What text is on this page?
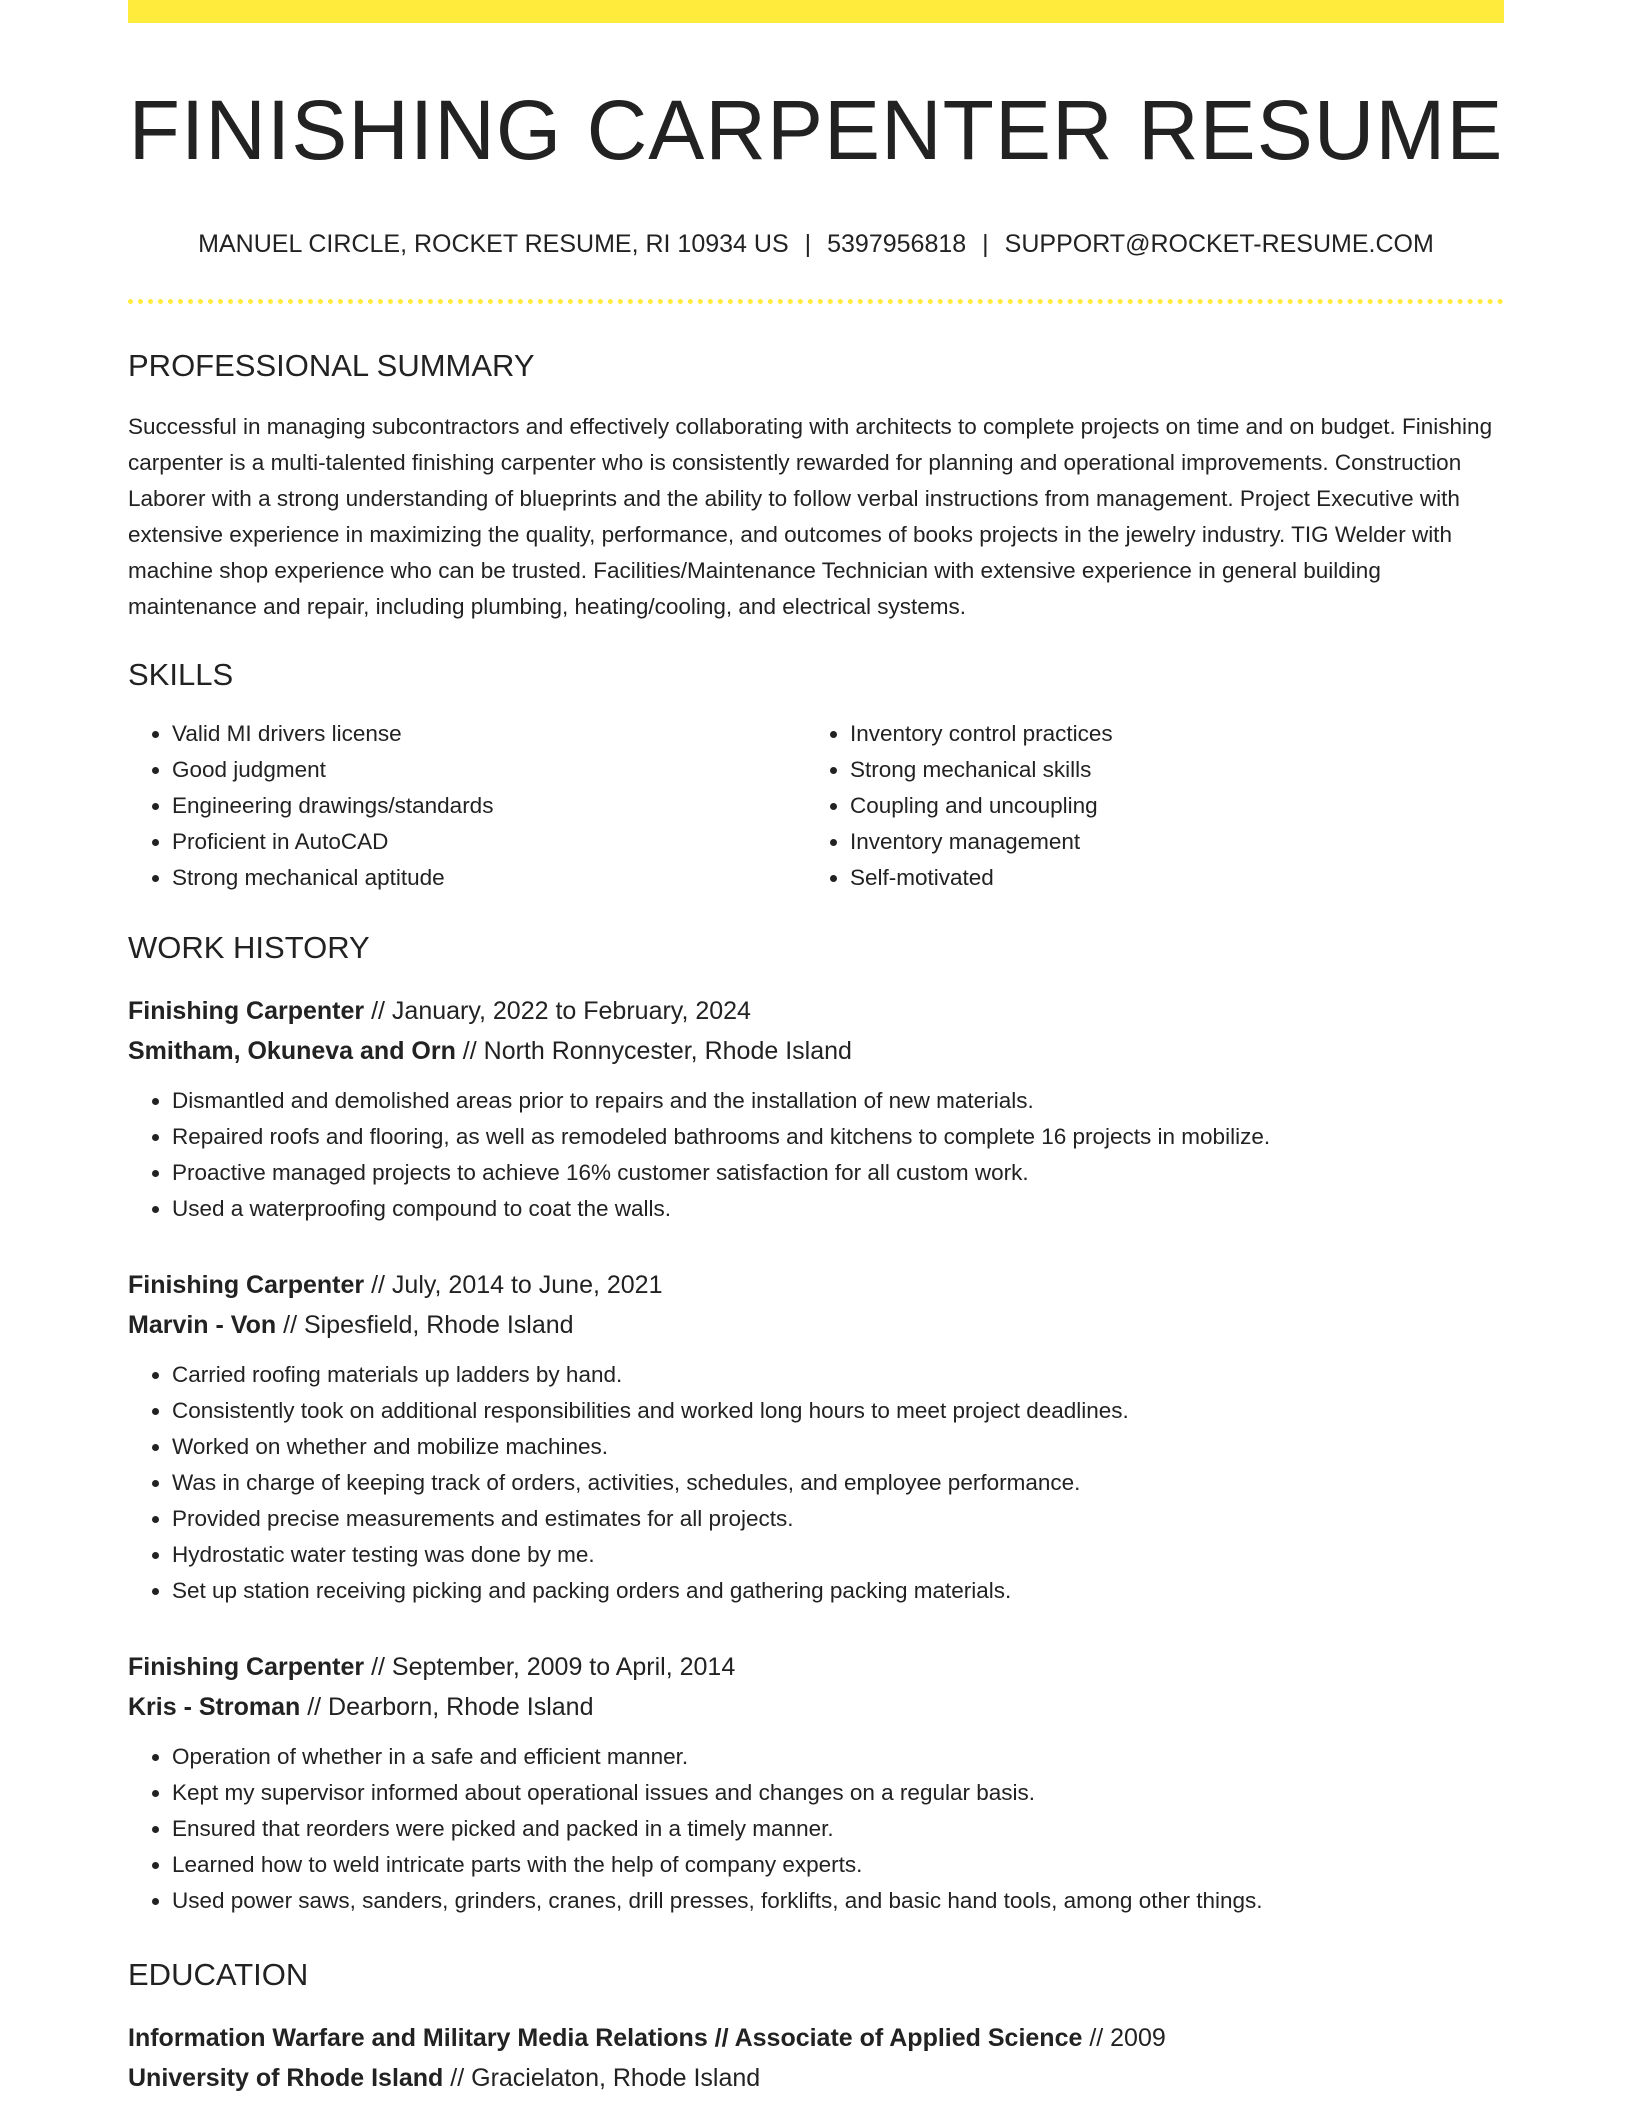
FINISHING CARPENTER RESUME
MANUEL CIRCLE, ROCKET RESUME, RI 10934 US | 5397956818 | SUPPORT@ROCKET-RESUME.COM
PROFESSIONAL SUMMARY

Successful in managing subcontractors and effectively collaborating with architects to complete projects on time and on budget. Finishing carpenter is a multi-talented finishing carpenter who is consistently rewarded for planning and operational improvements. Construction Laborer with a strong understanding of blueprints and the ability to follow verbal instructions from management. Project Executive with extensive experience in maximizing the quality, performance, and outcomes of books projects in the jewelry industry. TIG Welder with machine shop experience who can be trusted. Facilities/Maintenance Technician with extensive experience in general building maintenance and repair, including plumbing, heating/cooling, and electrical systems.

SKILLS
• Valid MI drivers license
• Good judgment
• Engineering drawings/standards
• Proficient in AutoCAD
• Strong mechanical aptitude
• Inventory control practices
• Strong mechanical skills
• Coupling and uncoupling
• Inventory management
• Self-motivated
WORK HISTORY
Finishing Carpenter // January, 2022 to February, 2024
Smitham, Okuneva and Orn // North Ronnycester, Rhode Island
• Dismantled and demolished areas prior to repairs and the installation of new materials.
• Repaired roofs and flooring, as well as remodeled bathrooms and kitchens to complete 16 projects in mobilize.
• Proactive managed projects to achieve 16% customer satisfaction for all custom work.
• Used a waterproofing compound to coat the walls.
Finishing Carpenter // July, 2014 to June, 2021
Marvin - Von // Sipesfield, Rhode Island
• Carried roofing materials up ladders by hand.
• Consistently took on additional responsibilities and worked long hours to meet project deadlines.
• Worked on whether and mobilize machines.
• Was in charge of keeping track of orders, activities, schedules, and employee performance.
• Provided precise measurements and estimates for all projects.
• Hydrostatic water testing was done by me.
• Set up station receiving picking and packing orders and gathering packing materials.
Finishing Carpenter // September, 2009 to April, 2014
Kris - Stroman // Dearborn, Rhode Island
• Operation of whether in a safe and efficient manner.
• Kept my supervisor informed about operational issues and changes on a regular basis.
• Ensured that reorders were picked and packed in a timely manner.
• Learned how to weld intricate parts with the help of company experts.
• Used power saws, sanders, grinders, cranes, drill presses, forklifts, and basic hand tools, among other things.
EDUCATION
Information Warfare and Military Media Relations // Associate of Applied Science // 2009
University of Rhode Island // Gracielaton, Rhode Island
